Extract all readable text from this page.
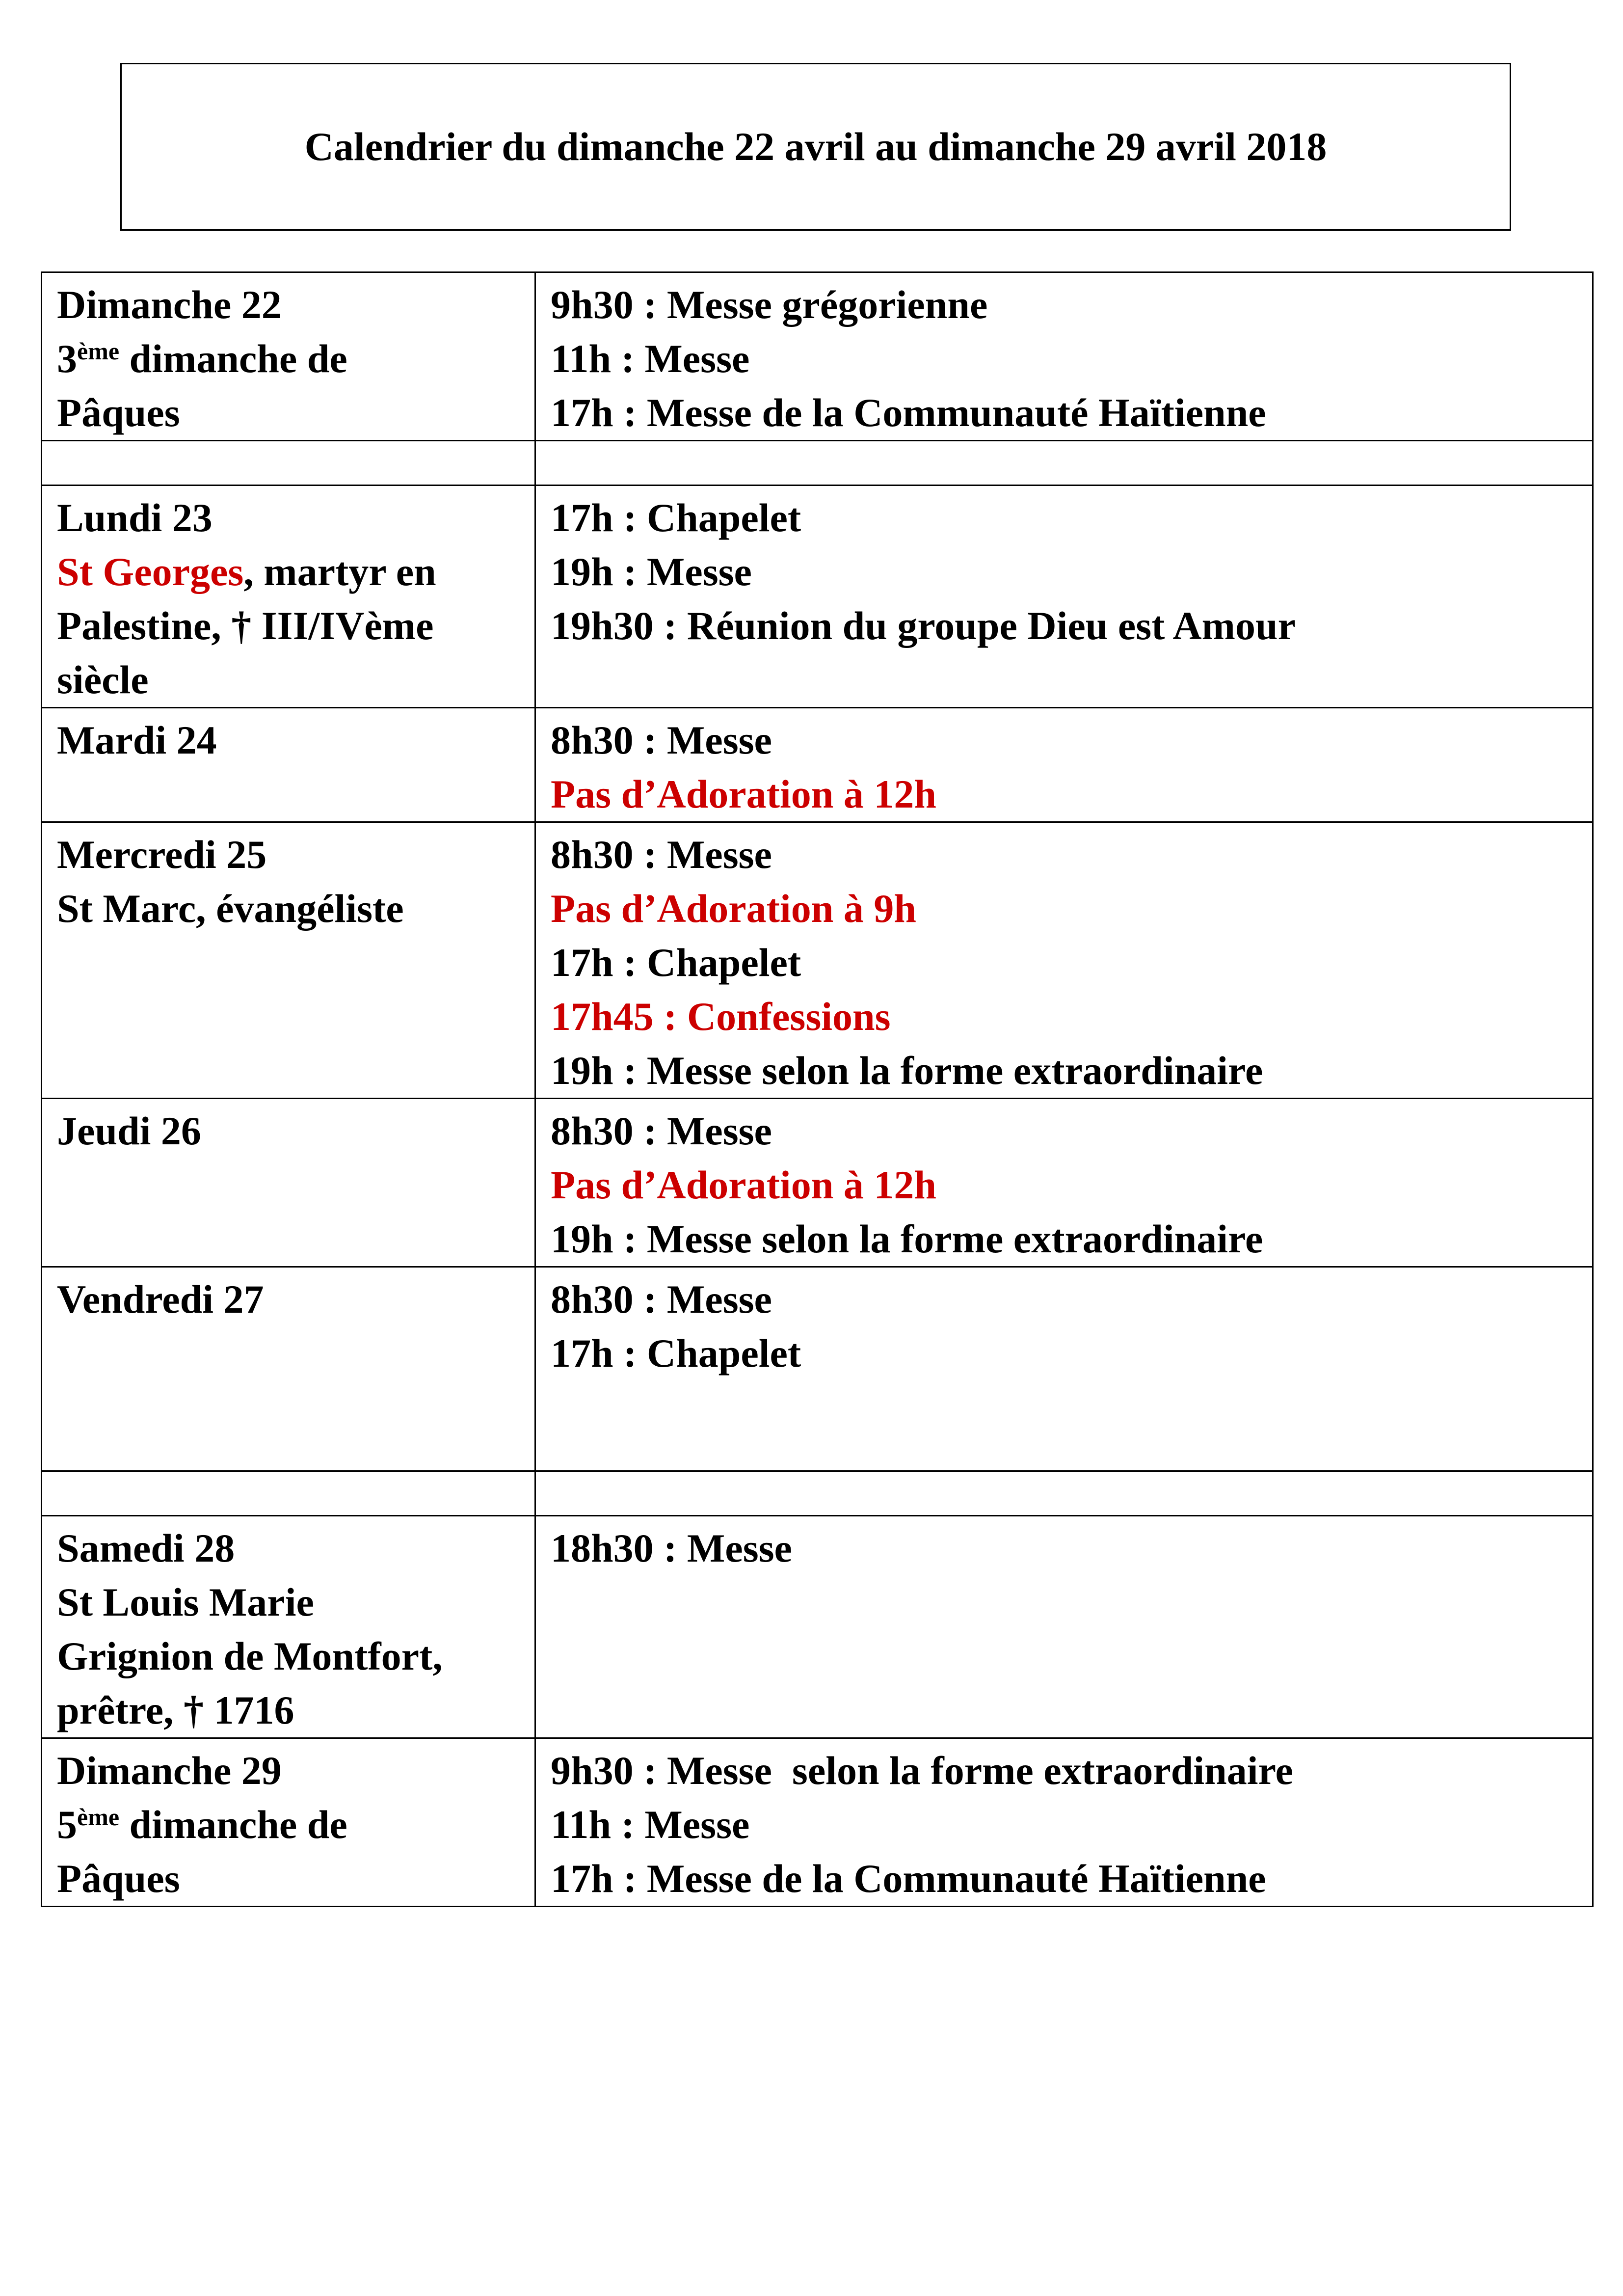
Calendrier du dimanche 22 avril au dimanche 29 avril 2018
Dimanche 22
3ème dimanche de
Pâques	9h30 : Messe grégorienne
11h : Messe
17h : Messe de la Communauté Haïtienne

Lundi 23
St Georges, martyr en
Palestine, † III/IVème
siècle	17h : Chapelet
19h : Messe
19h30 : Réunion du groupe Dieu est Amour

Mardi 24	8h30 : Messe
Pas d’Adoration à 12h

Mercredi 25
St Marc, évangéliste	8h30 : Messe
Pas d’Adoration à 9h
17h : Chapelet
17h45 : Confessions
19h : Messe selon la forme extraordinaire

Jeudi 26	8h30 : Messe
Pas d’Adoration à 12h
19h : Messe selon la forme extraordinaire

Vendredi 27	8h30 : Messe
17h : Chapelet

Samedi 28
St Louis Marie
Grignion de Montfort,
prêtre, † 1716	18h30 : Messe

Dimanche 29
5ème dimanche de
Pâques	9h30 : Messe  selon la forme extraordinaire
11h : Messe
17h : Messe de la Communauté Haïtienne
